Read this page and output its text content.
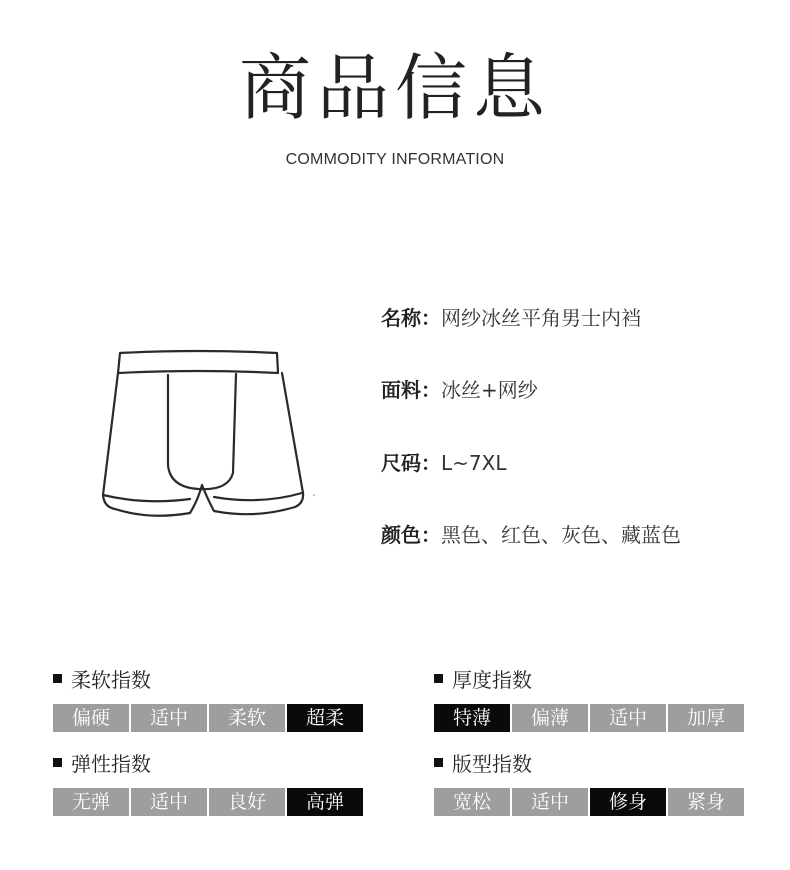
商品信息
COMMODITY INFORMATION
名称：网纱冰丝平角男士内裆
面料：冰丝+网纱
尺码：L~7XL
颜色：黑色、红色、灰色、藏蓝色
柔软指数
偏硬	适中	柔软	超柔
厚度指数
特薄	偏薄	适中	加厚
弹性指数
无弹	适中	良好	高弹
版型指数
宽松	适中	修身	紧身
